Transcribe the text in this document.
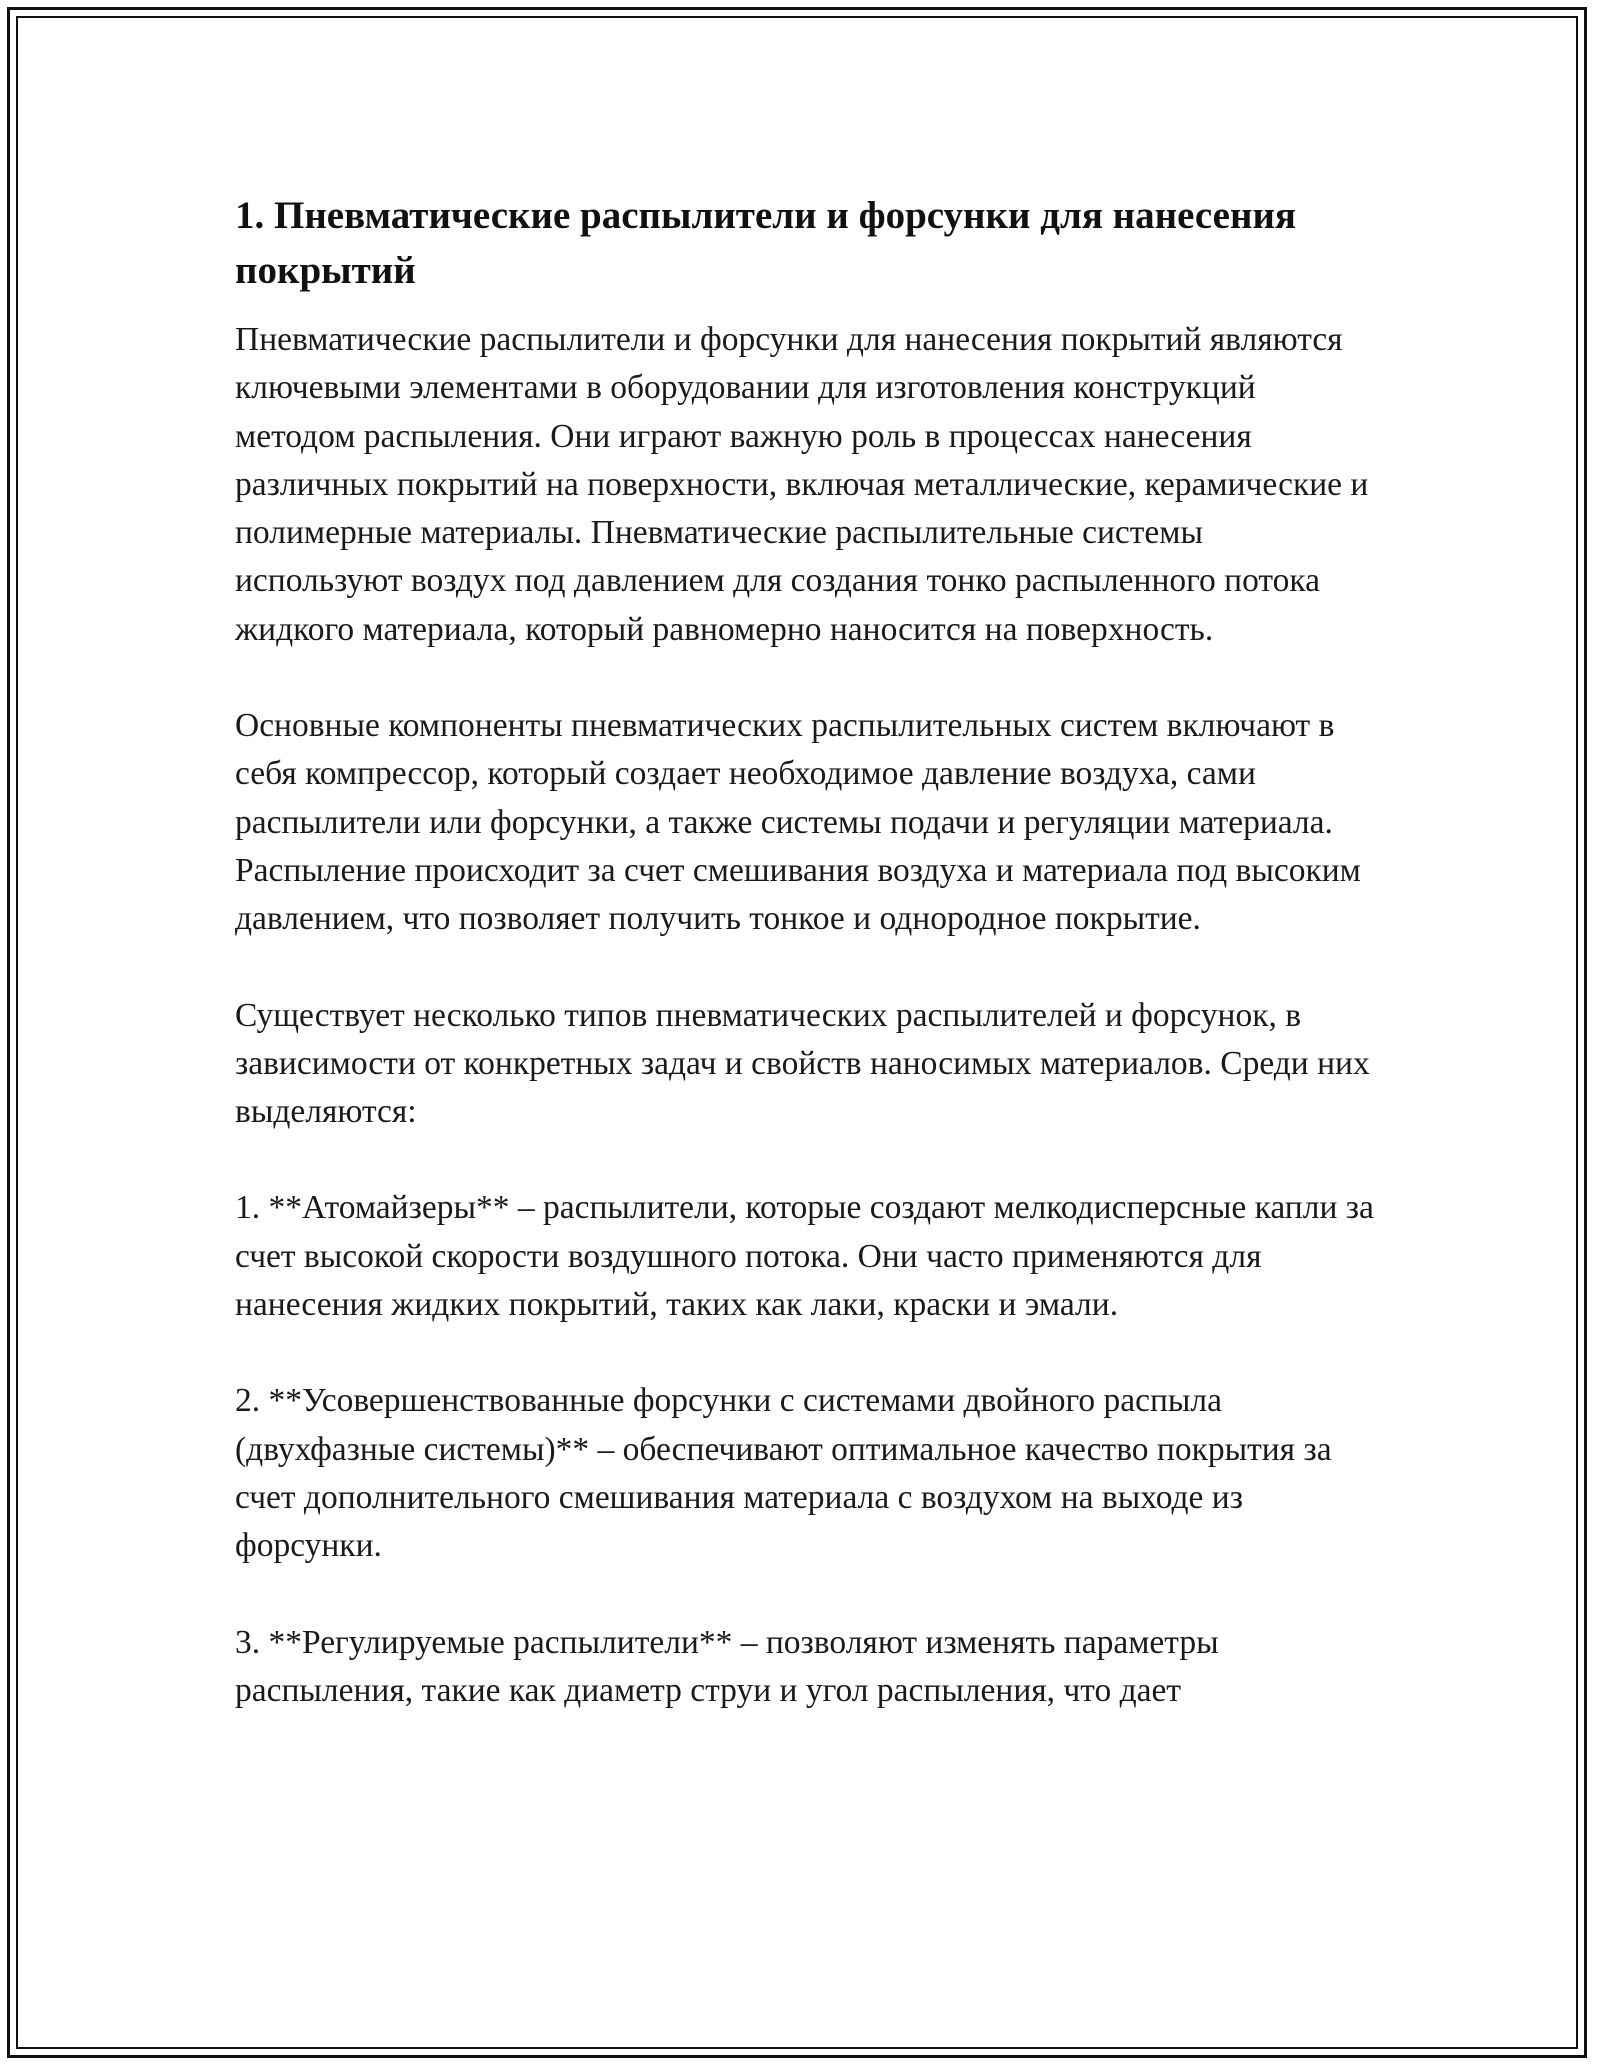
1. Пневматические распылители и форсунки для нанесения покрытий

Пневматические распылители и форсунки для нанесения покрытий являются ключевыми элементами в оборудовании для изготовления конструкций методом распыления. Они играют важную роль в процессах нанесения различных покрытий на поверхности, включая металлические, керамические и полимерные материалы. Пневматические распылительные системы используют воздух под давлением для создания тонко распыленного потока жидкого материала, который равномерно наносится на поверхность.

Основные компоненты пневматических распылительных систем включают в себя компрессор, который создает необходимое давление воздуха, сами распылители или форсунки, а также системы подачи и регуляции материала. Распыление происходит за счет смешивания воздуха и материала под высоким давлением, что позволяет получить тонкое и однородное покрытие.

Существует несколько типов пневматических распылителей и форсунок, в зависимости от конкретных задач и свойств наносимых материалов. Среди них выделяются:

1. **Атомайзеры** – распылители, которые создают мелкодисперсные капли за счет высокой скорости воздушного потока. Они часто применяются для нанесения жидких покрытий, таких как лаки, краски и эмали.

2. **Усовершенствованные форсунки с системами двойного распыла (двухфазные системы)** – обеспечивают оптимальное качество покрытия за счет дополнительного смешивания материала с воздухом на выходе из форсунки.

3. **Регулируемые распылители** – позволяют изменять параметры распыления, такие как диаметр струи и угол распыления, что дает
